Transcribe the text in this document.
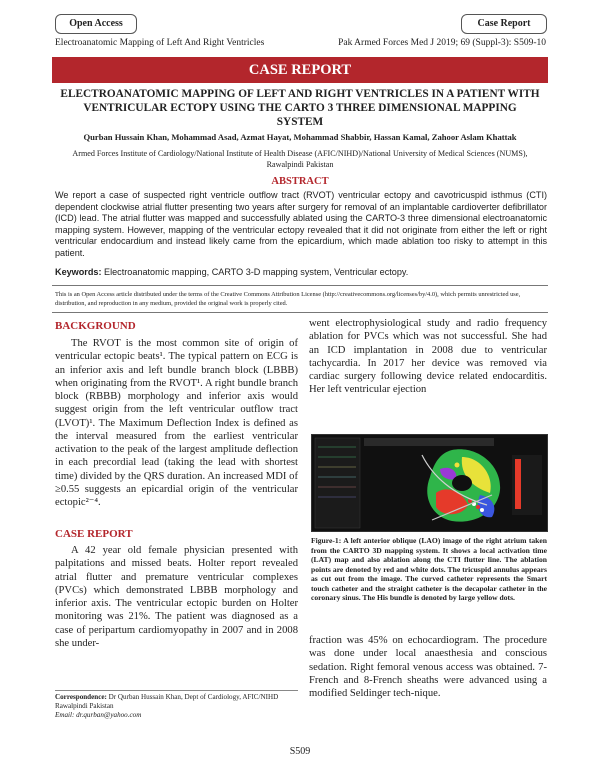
Open Access	Case Report
Electroanatomic Mapping of Left And Right Ventricles	Pak Armed Forces Med J 2019; 69 (Suppl-3): S509-10
CASE REPORT
ELECTROANATOMIC MAPPING OF LEFT AND RIGHT VENTRICLES IN A PATIENT WITH VENTRICULAR ECTOPY USING THE CARTO 3 THREE DIMENSIONAL MAPPING SYSTEM
Qurban Hussain Khan, Mohammad Asad, Azmat Hayat, Mohammad Shabbir, Hassan Kamal, Zahoor Aslam Khattak
Armed Forces Institute of Cardiology/National Institute of Health Disease (AFIC/NIHD)/National University of Medical Sciences (NUMS), Rawalpindi Pakistan
ABSTRACT
We report a case of suspected right ventricle outflow tract (RVOT) ventricular ectopy and cavotricuspid isthmus (CTI) dependent clockwise atrial flutter presenting two years after surgery for removal of an implantable cardioverter defibrillator (ICD) lead. The atrial flutter was mapped and successfully ablated using the CARTO-3 three dimensional electroanatomic mapping system. However, mapping of the ventricular ectopy revealed that it did not originate from either the left or right ventricular endocardium and instead likely came from the epicardium, which made ablation too risky to attempt in this patient.
Keywords: Electroanatomic mapping, CARTO 3-D mapping system, Ventricular ectopy.
This is an Open Access article distributed under the terms of the Creative Commons Attribution License (http://creativecommons.org/licenses/by/4.0), which permits unrestricted use, distribution, and reproduction in any medium, provided the original work is properly cited.
BACKGROUND
The RVOT is the most common site of origin of ventricular ectopic beats¹. The typical pattern on ECG is an inferior axis and left bundle branch block (LBBB) when originating from the RVOT¹. A right bundle branch block (RBBB) morphology and inferior axis would suggest origin from the left ventricular outflow tract (LVOT)¹. The Maximum Deflection Index is defined as the interval measured from the earliest ventricular activation to the peak of the largest amplitude deflection in each precordial lead (taking the lead with shortest time) divided by the QRS duration. An increased MDI of ≥0.55 suggests an epicardial origin of the ventricular ectopic²⁻⁴.
CASE REPORT
A 42 year old female physician presented with palpitations and missed beats. Holter report revealed atrial flutter and premature ventricular complexes (PVCs) which demonstrated LBBB morphology and inferior axis. The ventricular ectopic burden on Holter monitoring was 21%. The patient was diagnosed as a case of peripartum cardiomyopathy in 2007 and in 2008 she under-
went electrophysiological study and radio frequency ablation for PVCs which was not successful. She had an ICD implantation in 2008 due to ventricular tachycardia. In 2017 her device was removed via cardiac surgery following device related endocarditis. Her left ventricular ejection
Figure-1: A left anterior oblique (LAO) image of the right atrium taken from the CARTO 3D mapping system. It shows a local activation time (LAT) map and also ablation along the CTI flutter line. The ablation points are denoted by red and white dots. The tricuspid annulus appears as cut out from the image. The curved catheter represents the Smart touch catheter and the straight catheter is the decapolar catheter in the coronary sinus. The His bundle is denoted by large yellow dots.
fraction was 45% on echocardiogram. The procedure was done under local anaesthesia and conscious sedation. Right femoral venous access was obtained. 7-French and 8-French sheaths were advanced using a modified Seldinger tech-nique.
Correspondence: Dr Qurban Hussain Khan, Dept of Cardiology, AFIC/NIHD Rawalpindi Pakistan
Email: dr.qurban@yahoo.com
S509
